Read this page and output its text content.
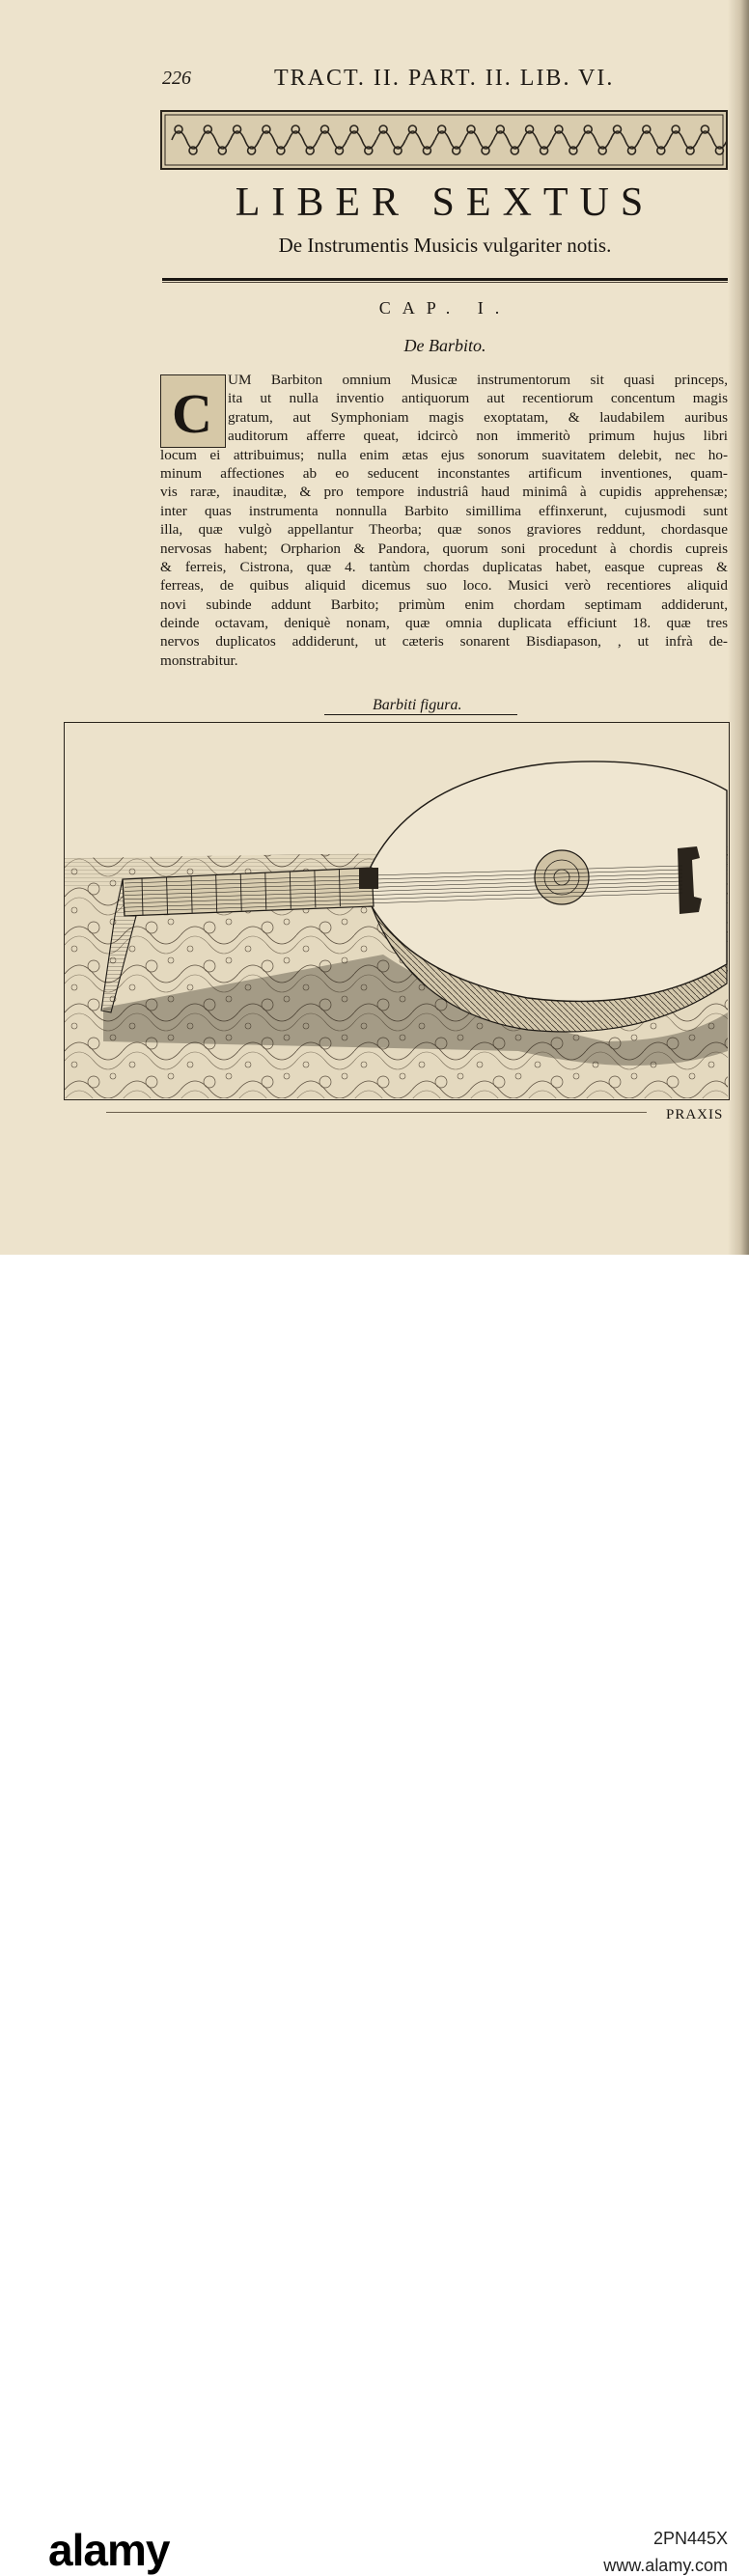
226	TRACT. II. PART. II. LIB. VI.
LIBER SEXTUS
De Instrumentis Musicis vulgariter notis.
CAP. I.
De Barbito.
C
UM Barbiton omnium Musicæ instrumentorum sit quasi princeps,
ita ut nulla inventio antiquorum aut recentiorum concentum magis
gratum, aut Symphoniam magis exoptatam, & laudabilem auribus
auditorum afferre queat, idcircò non immeritò primum hujus libri
locum ei attribuimus; nulla enim ætas ejus sonorum suavitatem delebit, nec ho-
minum affectiones ab eo seducent inconstantes artificum inventiones, quam-
vis raræ, inauditæ, & pro tempore industriâ haud minimâ à cupidis apprehensæ;
inter quas instrumenta nonnulla Barbito simillima effinxerunt, cujusmodi sunt
illa, quæ vulgò appellantur Theorba; quæ sonos graviores reddunt, chordasque
nervosas habent; Orpharion & Pandora, quorum soni procedunt à chordis cupreis
& ferreis, Cistrona, quæ 4. tantùm chordas duplicatas habet, easque cupreas &
ferreas, de quibus aliquid dicemus suo loco. Musici verò recentiores aliquid
novi subinde addunt Barbito; primùm enim chordam septimam addiderunt,
deinde octavam, deniquè nonam, quæ omnia duplicata efficiunt 18. quæ tres
nervos duplicatos addiderunt, ut cæteris sonarent Bisdiapason, , ut infrà de-
monstrabitur.
Barbiti figura.
PRAXIS
alamy	2PN445X
www.alamy.com
